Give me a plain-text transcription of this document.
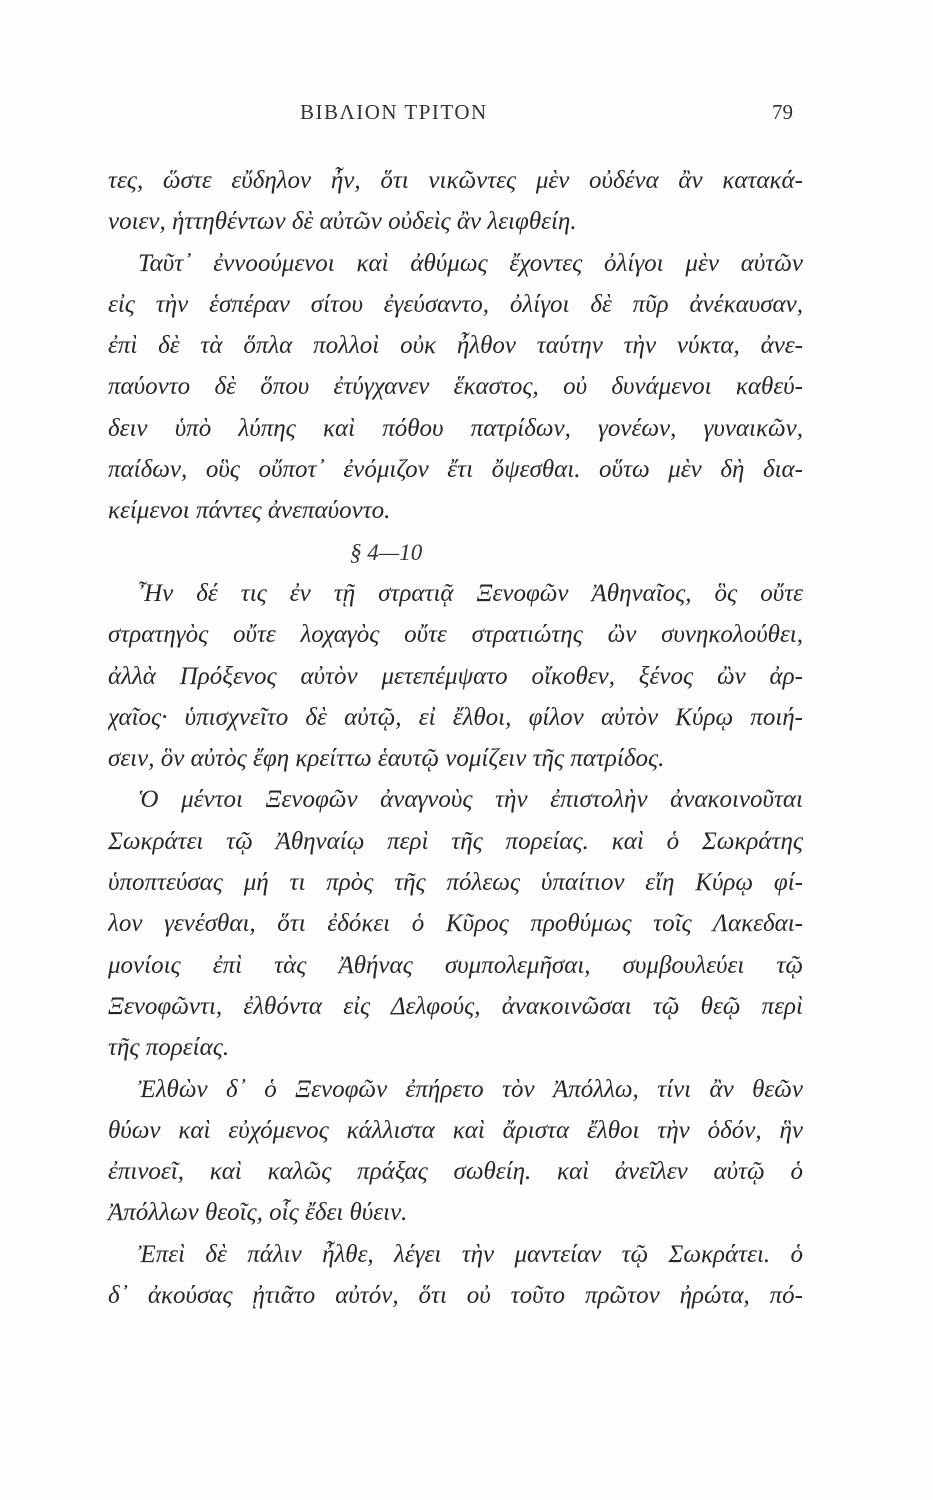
ΒΙΒΛΙΟΝ ΤΡΙΤΟΝ	79
τες, ὥστε εὔδηλον ἦν, ὅτι νικῶντες μὲν οὐδένα ἂν κατακά-
νοιεν, ἡττηθέντων δὲ αὐτῶν οὐδεὶς ἂν λειφθείη.
Ταῦτ᾽ ἐννοούμενοι καὶ ἀθύμως ἔχοντες ὀλίγοι μὲν αὐτῶν
εἰς τὴν ἑσπέραν σίτου ἐγεύσαντο, ὀλίγοι δὲ πῦρ ἀνέκαυσαν,
ἐπὶ δὲ τὰ ὅπλα πολλοὶ οὐκ ἦλθον ταύτην τὴν νύκτα, ἀνε-
παύοντο δὲ ὅπου ἐτύγχανεν ἕκαστος, οὐ δυνάμενοι καθεύ-
δειν ὑπὸ λύπης καὶ πόθου πατρίδων, γονέων, γυναικῶν,
παίδων, οὓς οὔποτ᾽ ἐνόμιζον ἔτι ὄψεσθαι. οὕτω μὲν δὴ δια-
κείμενοι πάντες ἀνεπαύοντο.
§ 4—10
Ἦν δέ τις ἐν τῇ στρατιᾷ Ξενοφῶν Ἀθηναῖος, ὃς οὔτε
στρατηγὸς οὔτε λοχαγὸς οὔτε στρατιώτης ὢν συνηκολούθει,
ἀλλὰ Πρόξενος αὐτὸν μετεπέμψατο οἴκοθεν, ξένος ὢν ἀρ-
χαῖος· ὑπισχνεῖτο δὲ αὐτῷ, εἰ ἔλθοι, φίλον αὐτὸν Κύρῳ ποιή-
σειν, ὃν αὐτὸς ἔφη κρείττω ἑαυτῷ νομίζειν τῆς πατρίδος.
Ὁ μέντοι Ξενοφῶν ἀναγνοὺς τὴν ἐπιστολὴν ἀνακοινοῦται
Σωκράτει τῷ Ἀθηναίῳ περὶ τῆς πορείας. καὶ ὁ Σωκράτης
ὑποπτεύσας μή τι πρὸς τῆς πόλεως ὑπαίτιον εἴη Κύρῳ φί-
λον γενέσθαι, ὅτι ἐδόκει ὁ Κῦρος προθύμως τοῖς Λακεδαι-
μονίοις ἐπὶ τὰς Ἀθήνας συμπολεμῆσαι, συμβουλεύει τῷ
Ξενοφῶντι, ἐλθόντα εἰς Δελφούς, ἀνακοινῶσαι τῷ θεῷ περὶ
τῆς πορείας.
Ἐλθὼν δ᾽ ὁ Ξενοφῶν ἐπήρετο τὸν Ἀπόλλω, τίνι ἂν θεῶν
θύων καὶ εὐχόμενος κάλλιστα καὶ ἄριστα ἔλθοι τὴν ὁδόν, ἣν
ἐπινοεῖ, καὶ καλῶς πράξας σωθείη. καὶ ἀνεῖλεν αὐτῷ ὁ
Ἀπόλλων θεοῖς, οἷς ἔδει θύειν.
Ἐπεὶ δὲ πάλιν ἦλθε, λέγει τὴν μαντείαν τῷ Σωκράτει. ὁ
δ᾽ ἀκούσας ᾐτιᾶτο αὐτόν, ὅτι οὐ τοῦτο πρῶτον ἠρώτα, πό-
